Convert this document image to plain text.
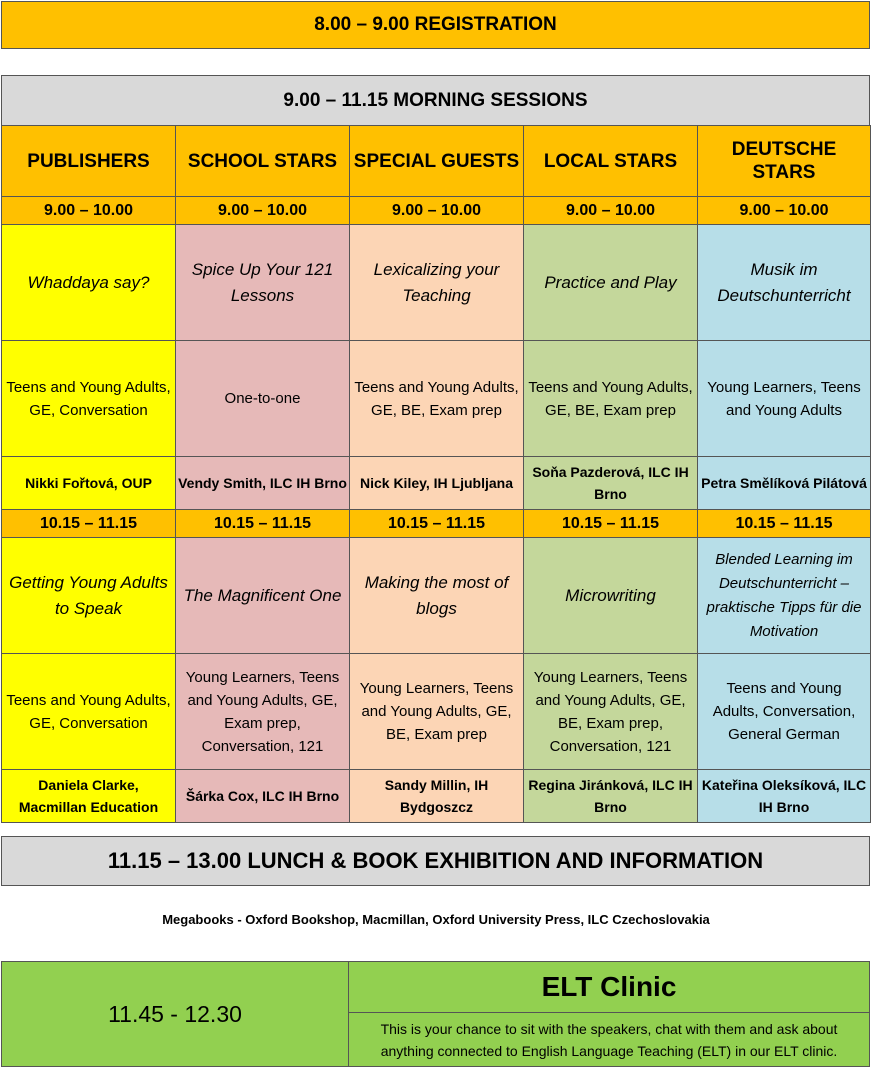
8.00 – 9.00 REGISTRATION
9.00 – 11.15 MORNING SESSIONS
PUBLISHERS	SCHOOL STARS	SPECIAL GUESTS	LOCAL STARS	DEUTSCHE STARS
9.00 – 10.00	9.00 – 10.00	9.00 – 10.00	9.00 – 10.00	9.00 – 10.00
Whaddaya say?	Spice Up Your 121 Lessons	Lexicalizing your Teaching	Practice and Play	Musik im Deutschunterricht
Teens and Young Adults, GE, Conversation	One-to-one	Teens and Young Adults, GE, BE, Exam prep	Teens and Young Adults, GE, BE, Exam prep	Young Learners, Teens and Young Adults
Nikki Fořtová, OUP	Vendy Smith, ILC IH Brno	Nick Kiley, IH Ljubljana	Soňa Pazderová, ILC IH Brno	Petra Smělíková Pilátová
10.15 – 11.15	10.15 – 11.15	10.15 – 11.15	10.15 – 11.15	10.15 – 11.15
Getting Young Adults to Speak	The Magnificent One	Making the most of blogs	Microwriting	Blended Learning im Deutschunterricht – praktische Tipps für die Motivation
Teens and Young Adults, GE, Conversation	Young Learners, Teens and Young Adults, GE, Exam prep, Conversation, 121	Young Learners, Teens and Young Adults, GE, BE, Exam prep	Young Learners, Teens and Young Adults, GE, BE, Exam prep, Conversation, 121	Teens and Young Adults, Conversation, General German
Daniela Clarke, Macmillan Education	Šárka Cox, ILC IH Brno	Sandy Millin, IH Bydgoszcz	Regina Jiránková, ILC IH Brno	Kateřina Oleksíková, ILC IH Brno
11.15 – 13.00 LUNCH & BOOK EXHIBITION AND INFORMATION
Megabooks - Oxford Bookshop, Macmillan, Oxford University Press, ILC Czechoslovakia
11.45 - 12.30
ELT Clinic
This is your chance to sit with the speakers, chat with them and ask about anything connected to English Language Teaching (ELT) in our ELT clinic.
